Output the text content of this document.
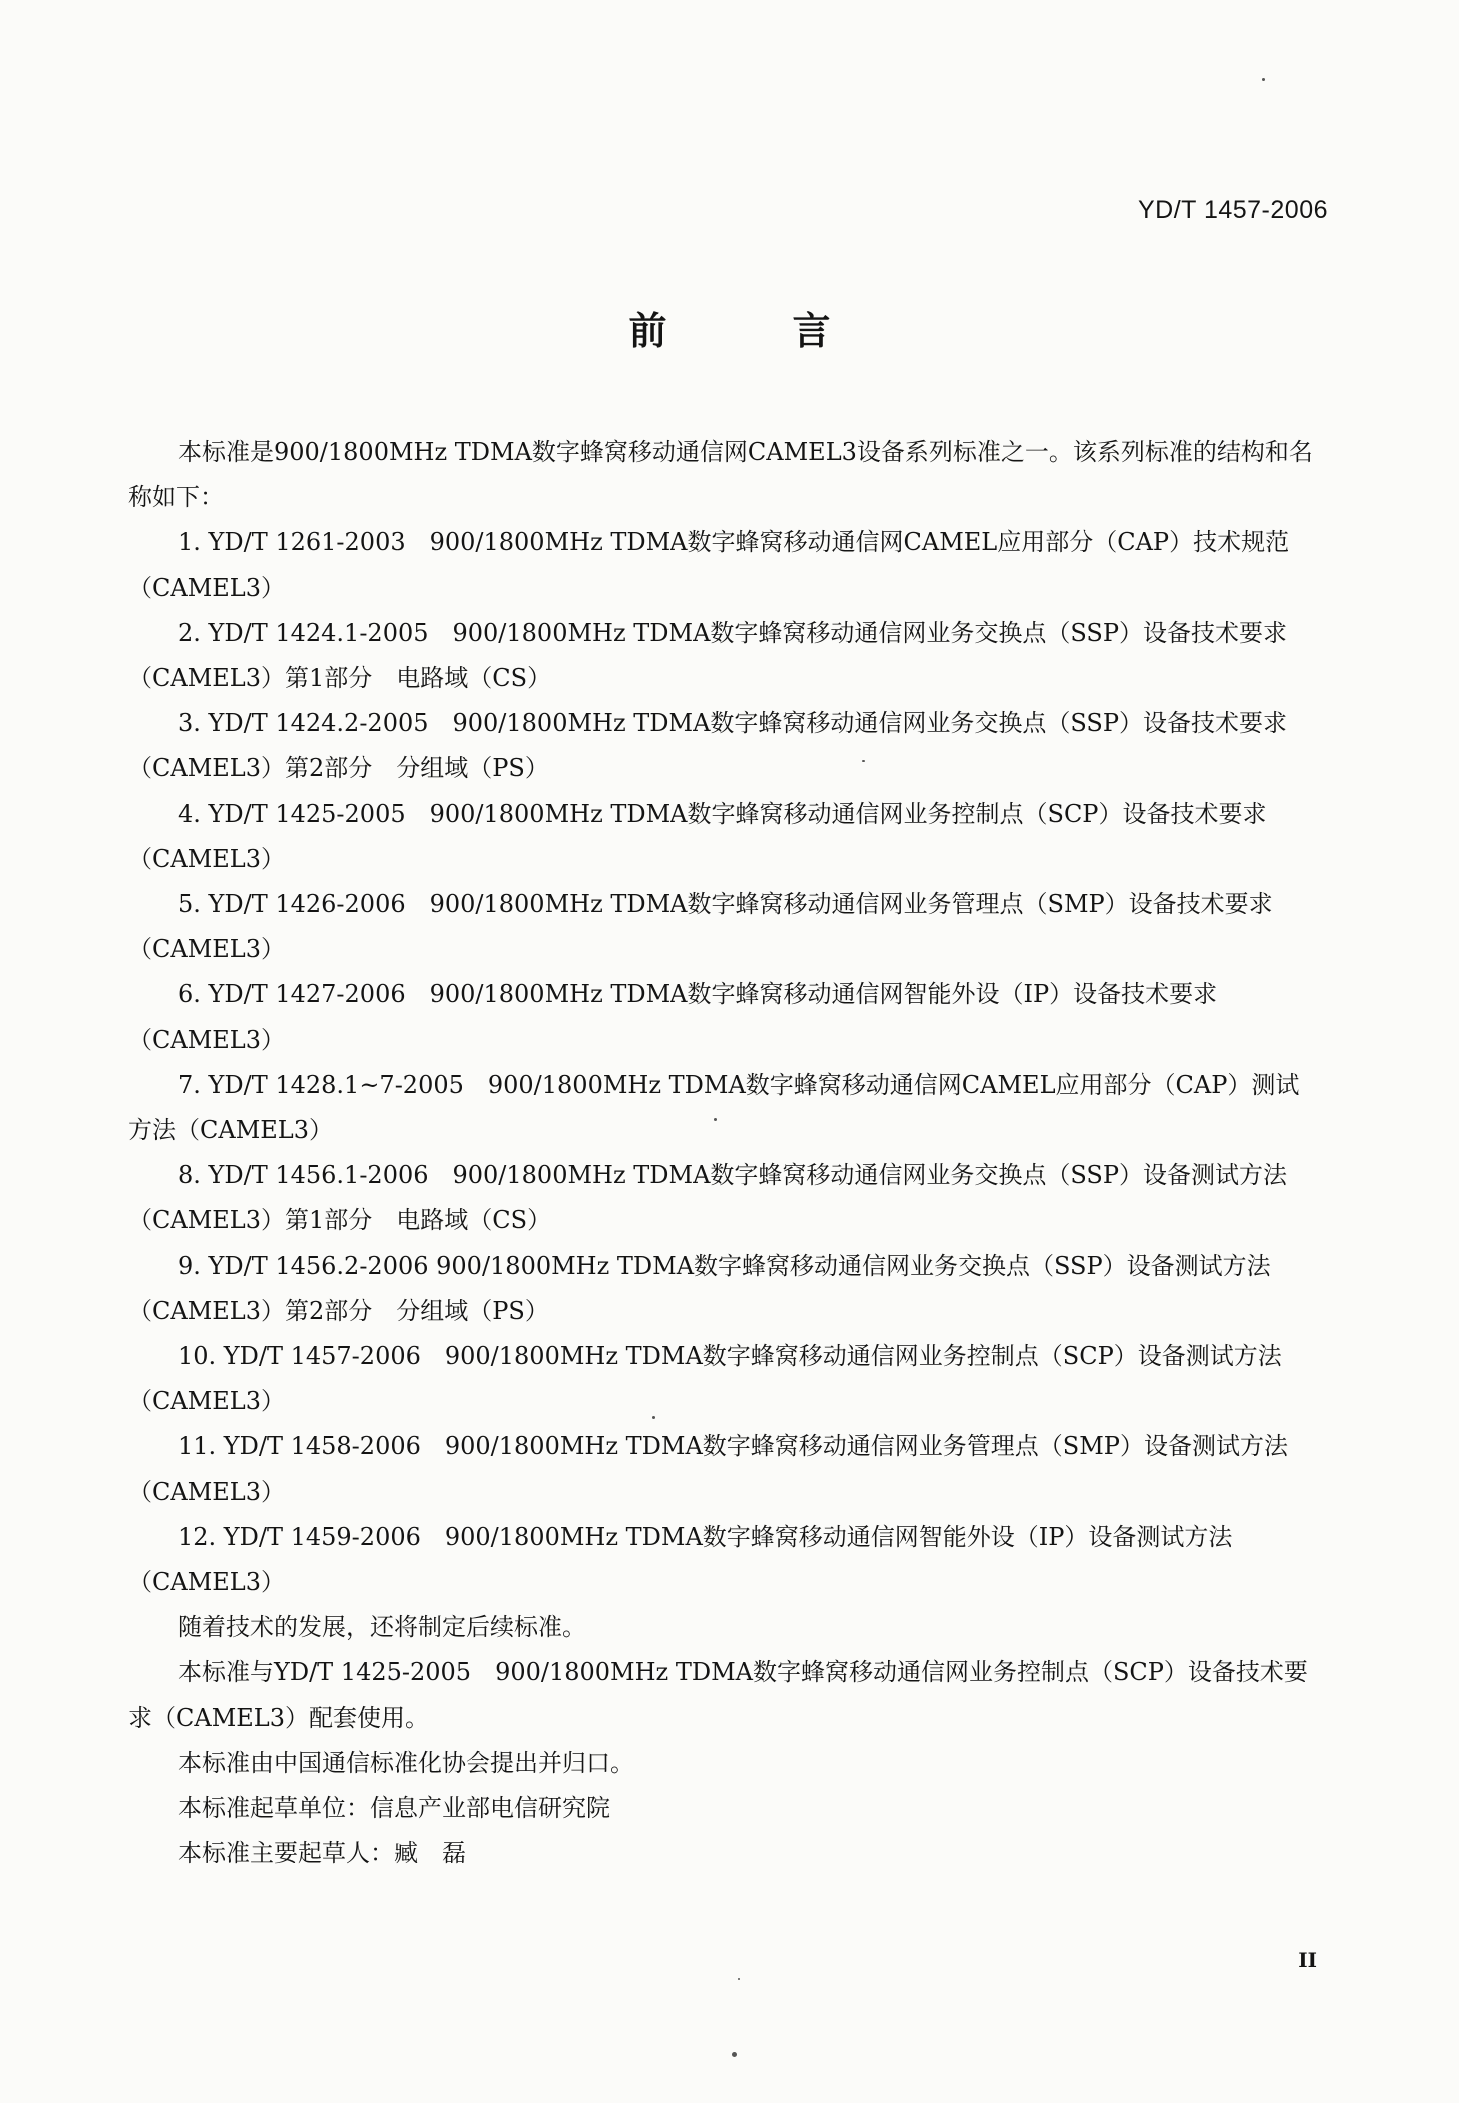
YD/T 1457-2006
前　言

本标准是900/1800MHz TDMA数字蜂窝移动通信网CAMEL3设备系列标准之一。该系列标准的结构和名称如下：

1. YD/T 1261-2003　900/1800MHz TDMA数字蜂窝移动通信网CAMEL应用部分（CAP）技术规范（CAMEL3）

2. YD/T 1424.1-2005　900/1800MHz TDMA数字蜂窝移动通信网业务交换点（SSP）设备技术要求（CAMEL3）第1部分　电路域（CS）

3. YD/T 1424.2-2005　900/1800MHz TDMA数字蜂窝移动通信网业务交换点（SSP）设备技术要求（CAMEL3）第2部分　分组域（PS）

4. YD/T 1425-2005　900/1800MHz TDMA数字蜂窝移动通信网业务控制点（SCP）设备技术要求（CAMEL3）

5. YD/T 1426-2006　900/1800MHz TDMA数字蜂窝移动通信网业务管理点（SMP）设备技术要求（CAMEL3）

6. YD/T 1427-2006　900/1800MHz TDMA数字蜂窝移动通信网智能外设（IP）设备技术要求（CAMEL3）

7. YD/T 1428.1~7-2005　900/1800MHz TDMA数字蜂窝移动通信网CAMEL应用部分（CAP）测试方法（CAMEL3）

8. YD/T 1456.1-2006　900/1800MHz TDMA数字蜂窝移动通信网业务交换点（SSP）设备测试方法（CAMEL3）第1部分　电路域（CS）

9. YD/T 1456.2-2006 900/1800MHz TDMA数字蜂窝移动通信网业务交换点（SSP）设备测试方法（CAMEL3）第2部分　分组域（PS）

10. YD/T 1457-2006　900/1800MHz TDMA数字蜂窝移动通信网业务控制点（SCP）设备测试方法（CAMEL3）

11. YD/T 1458-2006　900/1800MHz TDMA数字蜂窝移动通信网业务管理点（SMP）设备测试方法（CAMEL3）

12. YD/T 1459-2006　900/1800MHz TDMA数字蜂窝移动通信网智能外设（IP）设备测试方法（CAMEL3）

随着技术的发展，还将制定后续标准。

本标准与YD/T 1425-2005　900/1800MHz TDMA数字蜂窝移动通信网业务控制点（SCP）设备技术要求（CAMEL3）配套使用。

本标准由中国通信标准化协会提出并归口。

本标准起草单位：信息产业部电信研究院

本标准主要起草人：臧　磊

II
